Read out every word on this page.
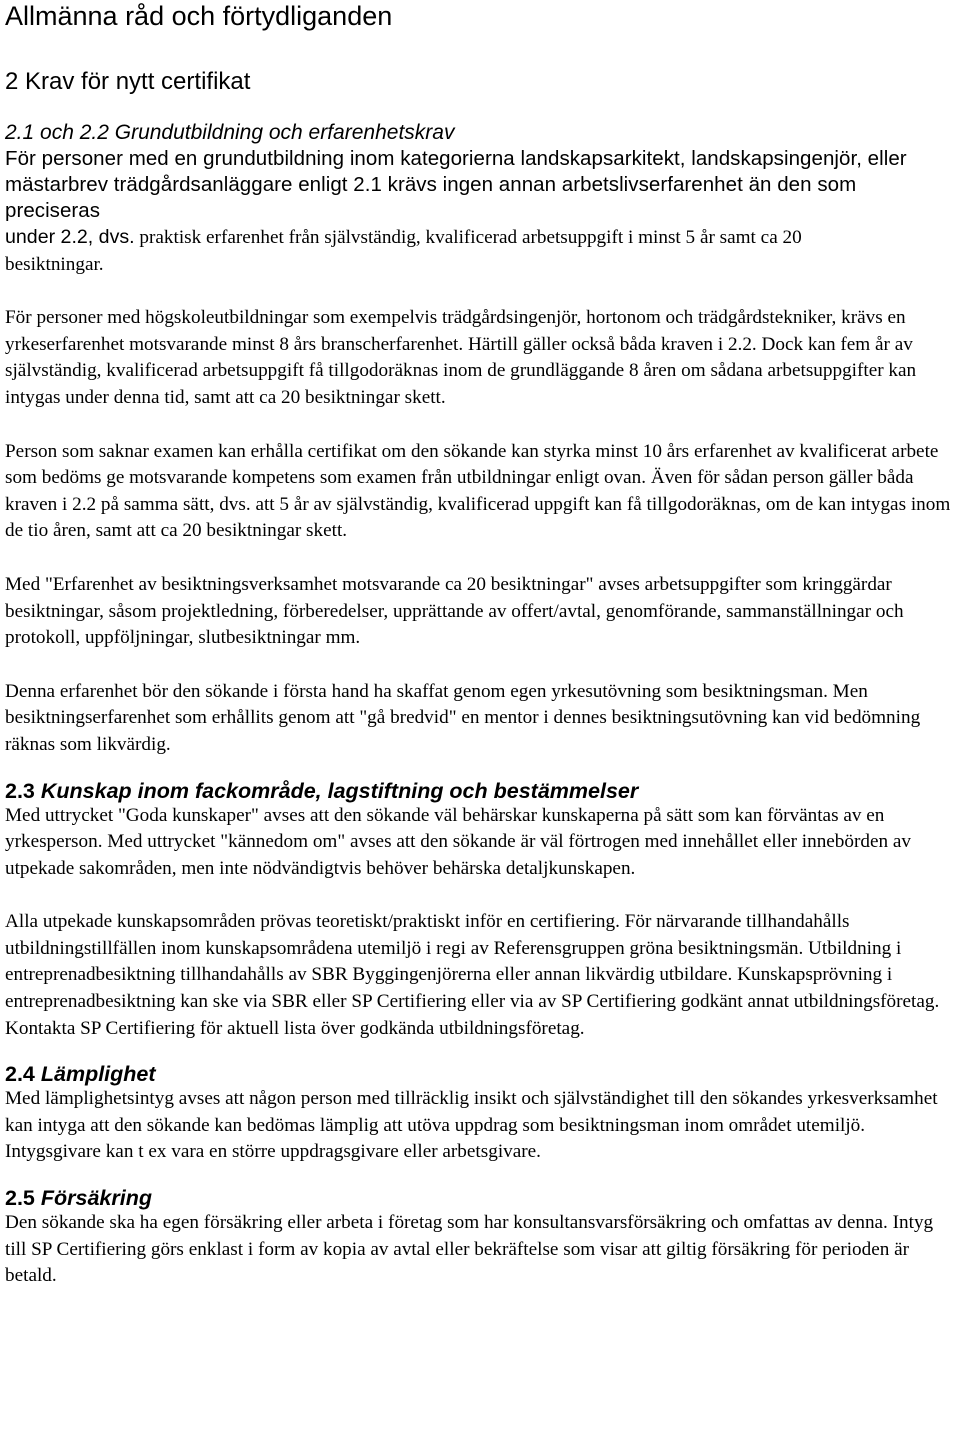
Allmänna råd och förtydliganden
2 Krav för nytt certifikat
2.1 och 2.2 Grundutbildning och erfarenhetskrav
För personer med en grundutbildning inom kategorierna landskapsarkitekt, landskapsingenjör, eller
mästarbrev trädgårdsanläggare enligt 2.1 krävs ingen annan arbetslivserfarenhet än den som preciseras

under 2.2, dvs. praktisk erfarenhet från självständig, kvalificerad arbetsuppgift i minst 5 år samt ca 20

besiktningar.

För personer med högskoleutbildningar som exempelvis trädgårdsingenjör, hortonom och trädgårdstekniker, krävs en yrkeserfarenhet motsvarande minst 8 års branscherfarenhet. Härtill gäller också båda kraven i 2.2. Dock kan fem år av självständig, kvalificerad arbetsuppgift få tillgodoräknas inom de grundläggande 8 åren om sådana arbetsuppgifter kan intygas under denna tid, samt att ca 20 besiktningar skett.

Person som saknar examen kan erhålla certifikat om den sökande kan styrka minst 10 års erfarenhet av kvalificerat arbete som bedöms ge motsvarande kompetens som examen från utbildningar enligt ovan. Även för sådan person gäller båda kraven i 2.2 på samma sätt, dvs. att 5 år av självständig, kvalificerad uppgift kan få tillgodoräknas, om de kan intygas inom de tio åren, samt att ca 20 besiktningar skett.

Med "Erfarenhet av besiktningsverksamhet motsvarande ca 20 besiktningar" avses arbetsuppgifter som kringgärdar besiktningar, såsom projektledning, förberedelser, upprättande av offert/avtal, genomförande, sammanställningar och protokoll, uppföljningar, slutbesiktningar mm.

Denna erfarenhet bör den sökande i första hand ha skaffat genom egen yrkesutövning som besiktningsman. Men besiktningserfarenhet som erhållits genom att "gå bredvid" en mentor i dennes besiktningsutövning kan vid bedömning räknas som likvärdig.

2.3 Kunskap inom fackområde, lagstiftning och bestämmelser

Med uttrycket "Goda kunskaper" avses att den sökande väl behärskar kunskaperna på sätt som kan förväntas av en yrkesperson. Med uttrycket "kännedom om" avses att den sökande är väl förtrogen med innehållet eller innebörden av utpekade sakområden, men inte nödvändigtvis behöver behärska detaljkunskapen.

Alla utpekade kunskapsområden prövas teoretiskt/praktiskt inför en certifiering. För närvarande tillhandahålls utbildningstillfällen inom kunskapsområdena utemiljö i regi av Referensgruppen gröna besiktningsmän. Utbildning i entreprenadbesiktning tillhandahålls av SBR Byggingenjörerna eller annan likvärdig utbildare. Kunskapsprövning i entreprenadbesiktning kan ske via SBR eller SP Certifiering eller via av SP Certifiering godkänt annat utbildningsföretag. Kontakta SP Certifiering för aktuell lista över godkända utbildningsföretag.

2.4 Lämplighet

Med lämplighetsintyg avses att någon person med tillräcklig insikt och självständighet till den sökandes yrkesverksamhet kan intyga att den sökande kan bedömas lämplig att utöva uppdrag som besiktningsman inom området utemiljö. Intygsgivare kan t ex vara en större uppdragsgivare eller arbetsgivare.

2.5 Försäkring

Den sökande ska ha egen försäkring eller arbeta i företag som har konsultansvarsförsäkring och omfattas av denna. Intyg till SP Certifiering görs enklast i form av kopia av avtal eller bekräftelse som visar att giltig försäkring för perioden är betald.
